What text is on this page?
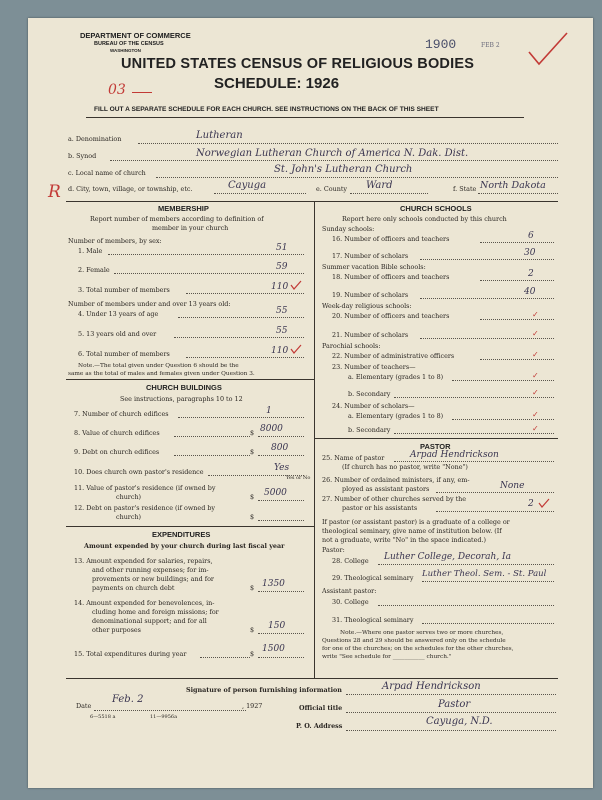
DEPARTMENT OF COMMERCE
BUREAU OF THE CENSUS
WASHINGTON	1900	FEB 2
UNITED STATES CENSUS OF RELIGIOUS BODIES
SCHEDULE: 1926
03
FILL OUT A SEPARATE SCHEDULE FOR EACH CHURCH. SEE INSTRUCTIONS ON THE BACK OF THIS SHEET
a. Denomination	Lutheran
b. Synod	Norwegian Lutheran Church of America N. Dak. Dist.
c. Local name of church	St. John's Lutheran Church
R d. City, town, village, or township, etc.	Cayuga	e. County Ward	f. State North Dakota
MEMBERSHIP
Report number of members according to definition of
member in your church
Number of members, by sex:
1. Male	51
2. Female	59
3. Total number of members	110
Number of members under and over 13 years old:
4. Under 13 years of age	55
5. 13 years old and over	55
6. Total number of members	110
Note.—The total given under Question 6 should be the
same as the total of males and females given under Question 3.
CHURCH BUILDINGS
See instructions, paragraphs 10 to 12
7. Number of church edifices	1
8. Value of church edifices	$ 8000
9. Debt on church edifices	$ 800
10. Does church own pastor's residence	Yes
Yes or No
11. Value of pastor's residence (if owned by
church)	$ 5000
12. Debt on pastor's residence (if owned by
church)	$
EXPENDITURES
Amount expended by your church during last fiscal year
13. Amount expended for salaries, repairs,
and other running expenses; for im-
provements or new buildings; and for
payments on church debt	$ 1350
14. Amount expended for benevolences, in-
cluding home and foreign missions; for
denominational support; and for all
other purposes	$ 150
15. Total expenditures during year	$ 1500
CHURCH SCHOOLS
Report here only schools conducted by this church
Sunday schools:
16. Number of officers and teachers	6
17. Number of scholars	30
Summer vacation Bible schools:
18. Number of officers and teachers	2
19. Number of scholars	40
Week-day religious schools:
20. Number of officers and teachers	✓
21. Number of scholars	✓
Parochial schools:
22. Number of administrative officers	✓
23. Number of teachers—
a. Elementary (grades 1 to 8)	✓
b. Secondary	✓
24. Number of scholars—
a. Elementary (grades 1 to 8)	✓
b. Secondary	✓
PASTOR
25. Name of pastor	Arpad Hendrickson
(If church has no pastor, write "None")
26. Number of ordained ministers, if any, em-
ployed as assistant pastors	None
27. Number of other churches served by the
pastor or his assistants	2
If pastor (or assistant pastor) is a graduate of a college or
theological seminary, give name of institution below. (If
not a graduate, write "No" in the space indicated.)
Pastor:
28. College Luther College, Decorah, Ia
29. Theological seminary Luther Theol. Sem. - St. Paul
Assistant pastor:
30. College
31. Theological seminary
Note.—Where one pastor serves two or more churches,
Questions 28 and 29 should be answered only on the schedule
for one of the churches; on the schedules for the other churches,
write "See schedule for ___________ church."
Signature of person furnishing information	Arpad Hendrickson
Official title	Pastor
Date
Feb. 2
, 1927
P. O. Address	Cayuga, N.D.
6—5518 a	11—9956a
